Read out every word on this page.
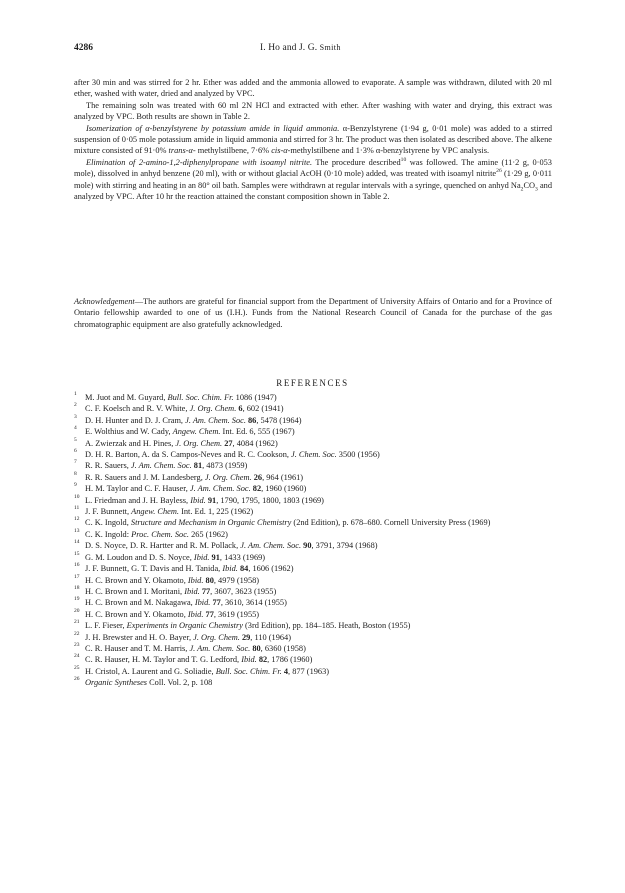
4286	I. Ho and J. G. Smith

after 30 min and was stirred for 2 hr. Ether was added and the ammonia allowed to evaporate. A sample was withdrawn, diluted with 20 ml ether, washed with water, dried and analyzed by VPC.

The remaining soln was treated with 60 ml 2N HCl and extracted with ether. After washing with water and drying, this extract was analyzed by VPC. Both results are shown in Table 2.

Isomerization of α-benzylstyrene by potassium amide in liquid ammonia. α-Benzylstyrene (1·94 g, 0·01 mole) was added to a stirred suspension of 0·05 mole potassium amide in liquid ammonia and stirred for 3 hr. The product was then isolated as described above. The alkene mixture consisted of 91·0% trans-α- methylstilbene, 7·6% cis-α-methylstilbene and 1·3% α-benzylstyrene by VPC analysis.

Elimination of 2-amino-1,2-diphenylpropane with isoamyl nitrite. The procedure described$^{10}$ was followed. The amine (11·2 g, 0·053 mole), dissolved in anhyd benzene (20 ml), with or without glacial AcOH (0·10 mole) added, was treated with isoamyl nitrite$^{26}$ (1·29 g, 0·011 mole) with stirring and heating in an 80° oil bath. Samples were withdrawn at regular intervals with a syringe, quenched on anhyd $Na_2CO_3$ and analyzed by VPC. After 10 hr the reaction attained the constant composition shown in Table 2.

Acknowledgement—The authors are grateful for financial support from the Department of University Affairs of Ontario and for a Province of Ontario fellowship awarded to one of us (I.H.). Funds from the National Research Council of Canada for the purchase of the gas chromatographic equipment are also gratefully acknowledged.
REFERENCES
1 M. Juot and M. Guyard, Bull. Soc. Chim. Fr. 1086 (1947)
2 C. F. Koelsch and R. V. White, J. Org. Chem. 6, 602 (1941)
3 D. H. Hunter and D. J. Cram, J. Am. Chem. Soc. 86, 5478 (1964)
4 E. Wolthius and W. Cady, Angew. Chem. Int. Ed. 6, 555 (1967)
5 A. Zwierzak and H. Pines, J. Org. Chem. 27, 4084 (1962)
6 D. H. R. Barton, A. da S. Campos-Neves and R. C. Cookson, J. Chem. Soc. 3500 (1956)
7 R. R. Sauers, J. Am. Chem. Soc. 81, 4873 (1959)
8 R. R. Sauers and J. M. Landesberg, J. Org. Chem. 26, 964 (1961)
9 H. M. Taylor and C. F. Hauser, J. Am. Chem. Soc. 82, 1960 (1960)
10 L. Friedman and J. H. Bayless, Ibid. 91, 1790, 1795, 1800, 1803 (1969)
11 J. F. Bunnett, Angew. Chem. Int. Ed. 1, 225 (1962)
12 C. K. Ingold, Structure and Mechanism in Organic Chemistry (2nd Edition), p. 678–680. Cornell University Press (1969)
13 C. K. Ingold: Proc. Chem. Soc. 265 (1962)
14 D. S. Noyce, D. R. Hartter and R. M. Pollack, J. Am. Chem. Soc. 90, 3791, 3794 (1968)
15 G. M. Loudon and D. S. Noyce, Ibid. 91, 1433 (1969)
16 J. F. Bunnett, G. T. Davis and H. Tanida, Ibid. 84, 1606 (1962)
17 H. C. Brown and Y. Okamoto, Ibid. 80, 4979 (1958)
18 H. C. Brown and I. Moritani, Ibid. 77, 3607, 3623 (1955)
19 H. C. Brown and M. Nakagawa, Ibid. 77, 3610, 3614 (1955)
20 H. C. Brown and Y. Okamoto, Ibid. 77, 3619 (1955)
21 L. F. Fieser, Experiments in Organic Chemistry (3rd Edition), pp. 184–185. Heath, Boston (1955)
22 J. H. Brewster and H. O. Bayer, J. Org. Chem. 29, 110 (1964)
23 C. R. Hauser and T. M. Harris, J. Am. Chem. Soc. 80, 6360 (1958)
24 C. R. Hauser, H. M. Taylor and T. G. Ledford, Ibid. 82, 1786 (1960)
25 H. Cristol, A. Laurent and G. Soliadie, Bull. Soc. Chim. Fr. 4, 877 (1963)
26 Organic Syntheses Coll. Vol. 2, p. 108
